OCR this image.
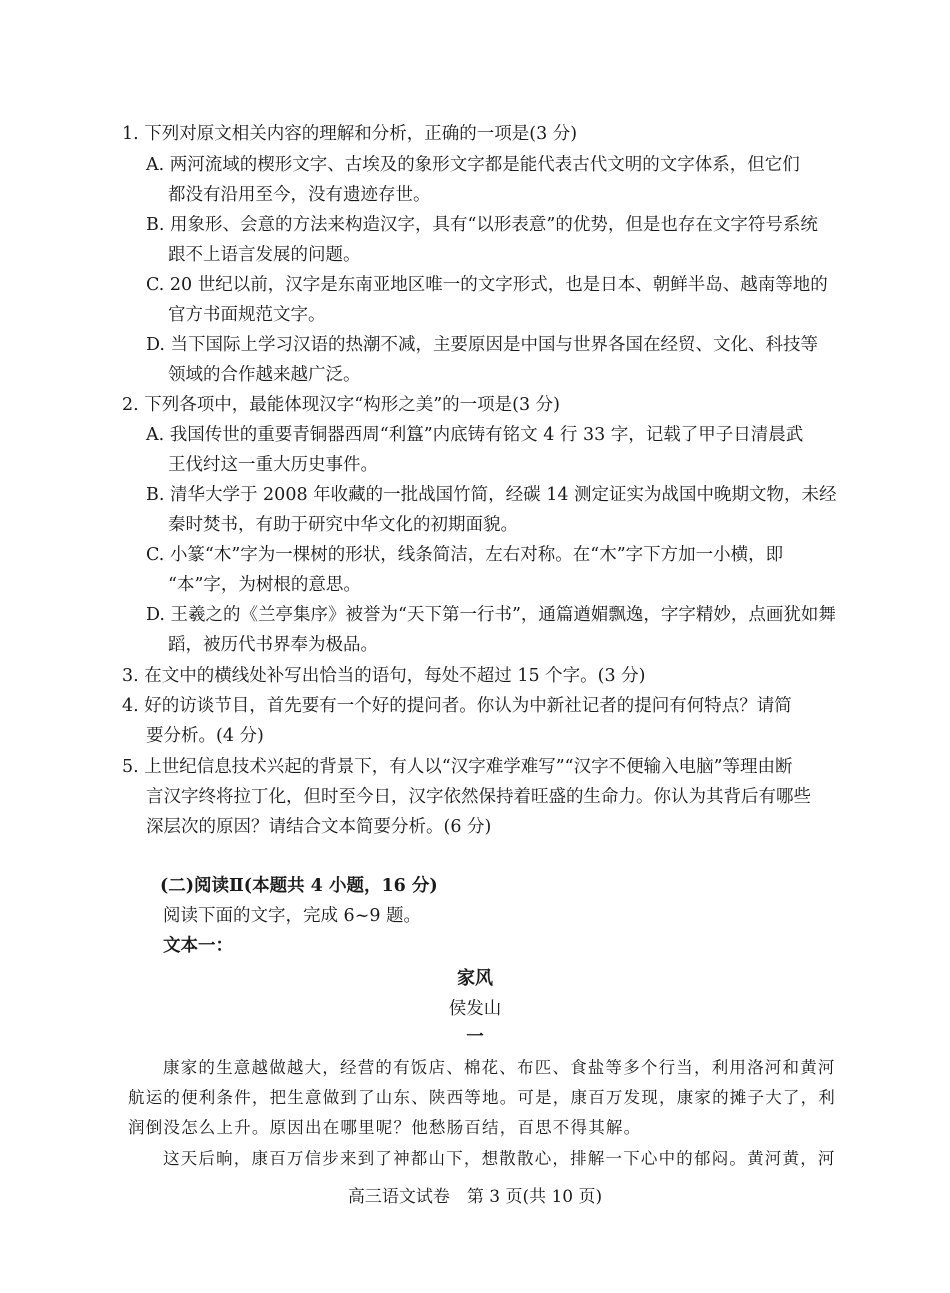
1. 下列对原文相关内容的理解和分析，正确的一项是(3 分)
A. 两河流域的楔形文字、古埃及的象形文字都是能代表古代文明的文字体系，但它们
都没有沿用至今，没有遗迹存世。
B. 用象形、会意的方法来构造汉字，具有“以形表意”的优势，但是也存在文字符号系统
跟不上语言发展的问题。
C. 20 世纪以前，汉字是东南亚地区唯一的文字形式，也是日本、朝鲜半岛、越南等地的
官方书面规范文字。
D. 当下国际上学习汉语的热潮不减，主要原因是中国与世界各国在经贸、文化、科技等
领域的合作越来越广泛。
2. 下列各项中，最能体现汉字“构形之美”的一项是(3 分)
A. 我国传世的重要青铜器西周“利簋”内底铸有铭文 4 行 33 字，记载了甲子日清晨武
王伐纣这一重大历史事件。
B. 清华大学于 2008 年收藏的一批战国竹简，经碳 14 测定证实为战国中晚期文物，未经
秦时焚书，有助于研究中华文化的初期面貌。
C. 小篆“木”字为一棵树的形状，线条简洁，左右对称。在“木”字下方加一小横，即
“本”字，为树根的意思。
D. 王羲之的《兰亭集序》被誉为“天下第一行书”，通篇遒媚飘逸，字字精妙，点画犹如舞
蹈，被历代书界奉为极品。
3. 在文中的横线处补写出恰当的语句，每处不超过 15 个字。(3 分)
4. 好的访谈节目，首先要有一个好的提问者。你认为中新社记者的提问有何特点？请简
要分析。(4 分)
5. 上世纪信息技术兴起的背景下，有人以“汉字难学难写”“汉字不便输入电脑”等理由断
言汉字终将拉丁化，但时至今日，汉字依然保持着旺盛的生命力。你认为其背后有哪些
深层次的原因？请结合文本简要分析。(6 分)
(二)阅读Ⅱ(本题共 4 小题，16 分)
阅读下面的文字，完成 6~9 题。
文本一：
家风
侯发山
一
康家的生意越做越大，经营的有饭店、棉花、布匹、食盐等多个行当，利用洛河和黄河
航运的便利条件，把生意做到了山东、陕西等地。可是，康百万发现，康家的摊子大了，利
润倒没怎么上升。原因出在哪里呢？他愁肠百结，百思不得其解。
这天后晌，康百万信步来到了神都山下，想散散心，排解一下心中的郁闷。黄河黄，河
高三语文试卷　第 3 页(共 10 页)
